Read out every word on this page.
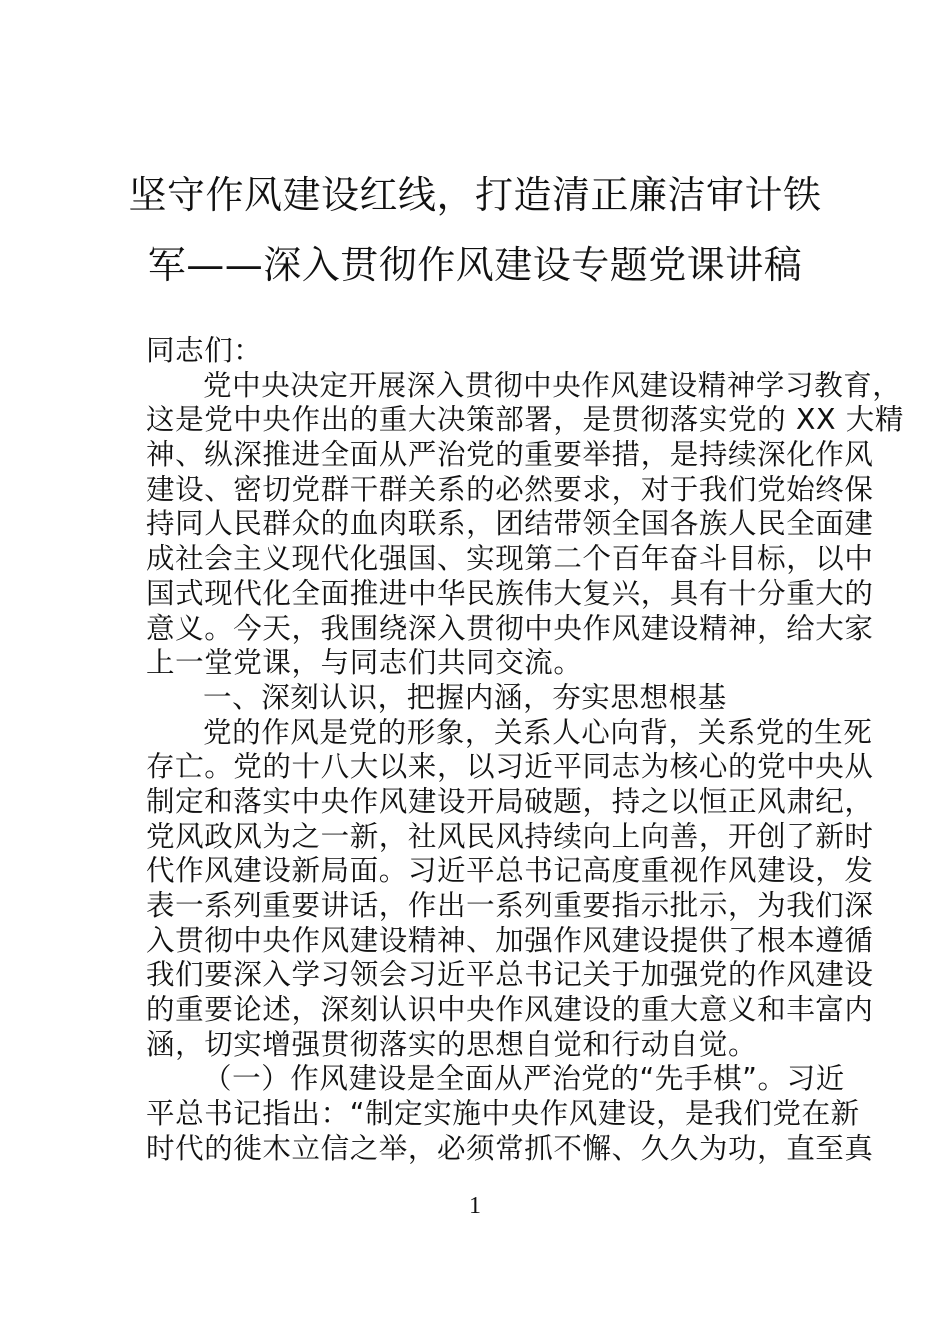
坚守作风建设红线，打造清正廉洁审计铁
军——深入贯彻作风建设专题党课讲稿
同志们：
党中央决定开展深入贯彻中央作风建设精神学习教育，
这是党中央作出的重大决策部署，是贯彻落实党的 XX 大精
神、纵深推进全面从严治党的重要举措，是持续深化作风
建设、密切党群干群关系的必然要求，对于我们党始终保
持同人民群众的血肉联系，团结带领全国各族人民全面建
成社会主义现代化强国、实现第二个百年奋斗目标，以中
国式现代化全面推进中华民族伟大复兴，具有十分重大的
意义。今天，我围绕深入贯彻中央作风建设精神，给大家
上一堂党课，与同志们共同交流。
一、深刻认识，把握内涵，夯实思想根基
党的作风是党的形象，关系人心向背，关系党的生死
存亡。党的十八大以来，以习近平同志为核心的党中央从
制定和落实中央作风建设开局破题，持之以恒正风肃纪，
党风政风为之一新，社风民风持续向上向善，开创了新时
代作风建设新局面。习近平总书记高度重视作风建设，发
表一系列重要讲话，作出一系列重要指示批示，为我们深
入贯彻中央作风建设精神、加强作风建设提供了根本遵循
我们要深入学习领会习近平总书记关于加强党的作风建设
的重要论述，深刻认识中央作风建设的重大意义和丰富内
涵，切实增强贯彻落实的思想自觉和行动自觉。
（一）作风建设是全面从严治党的“先手棋”。习近
平总书记指出：“制定实施中央作风建设，是我们党在新
时代的徙木立信之举，必须常抓不懈、久久为功，直至真
1
